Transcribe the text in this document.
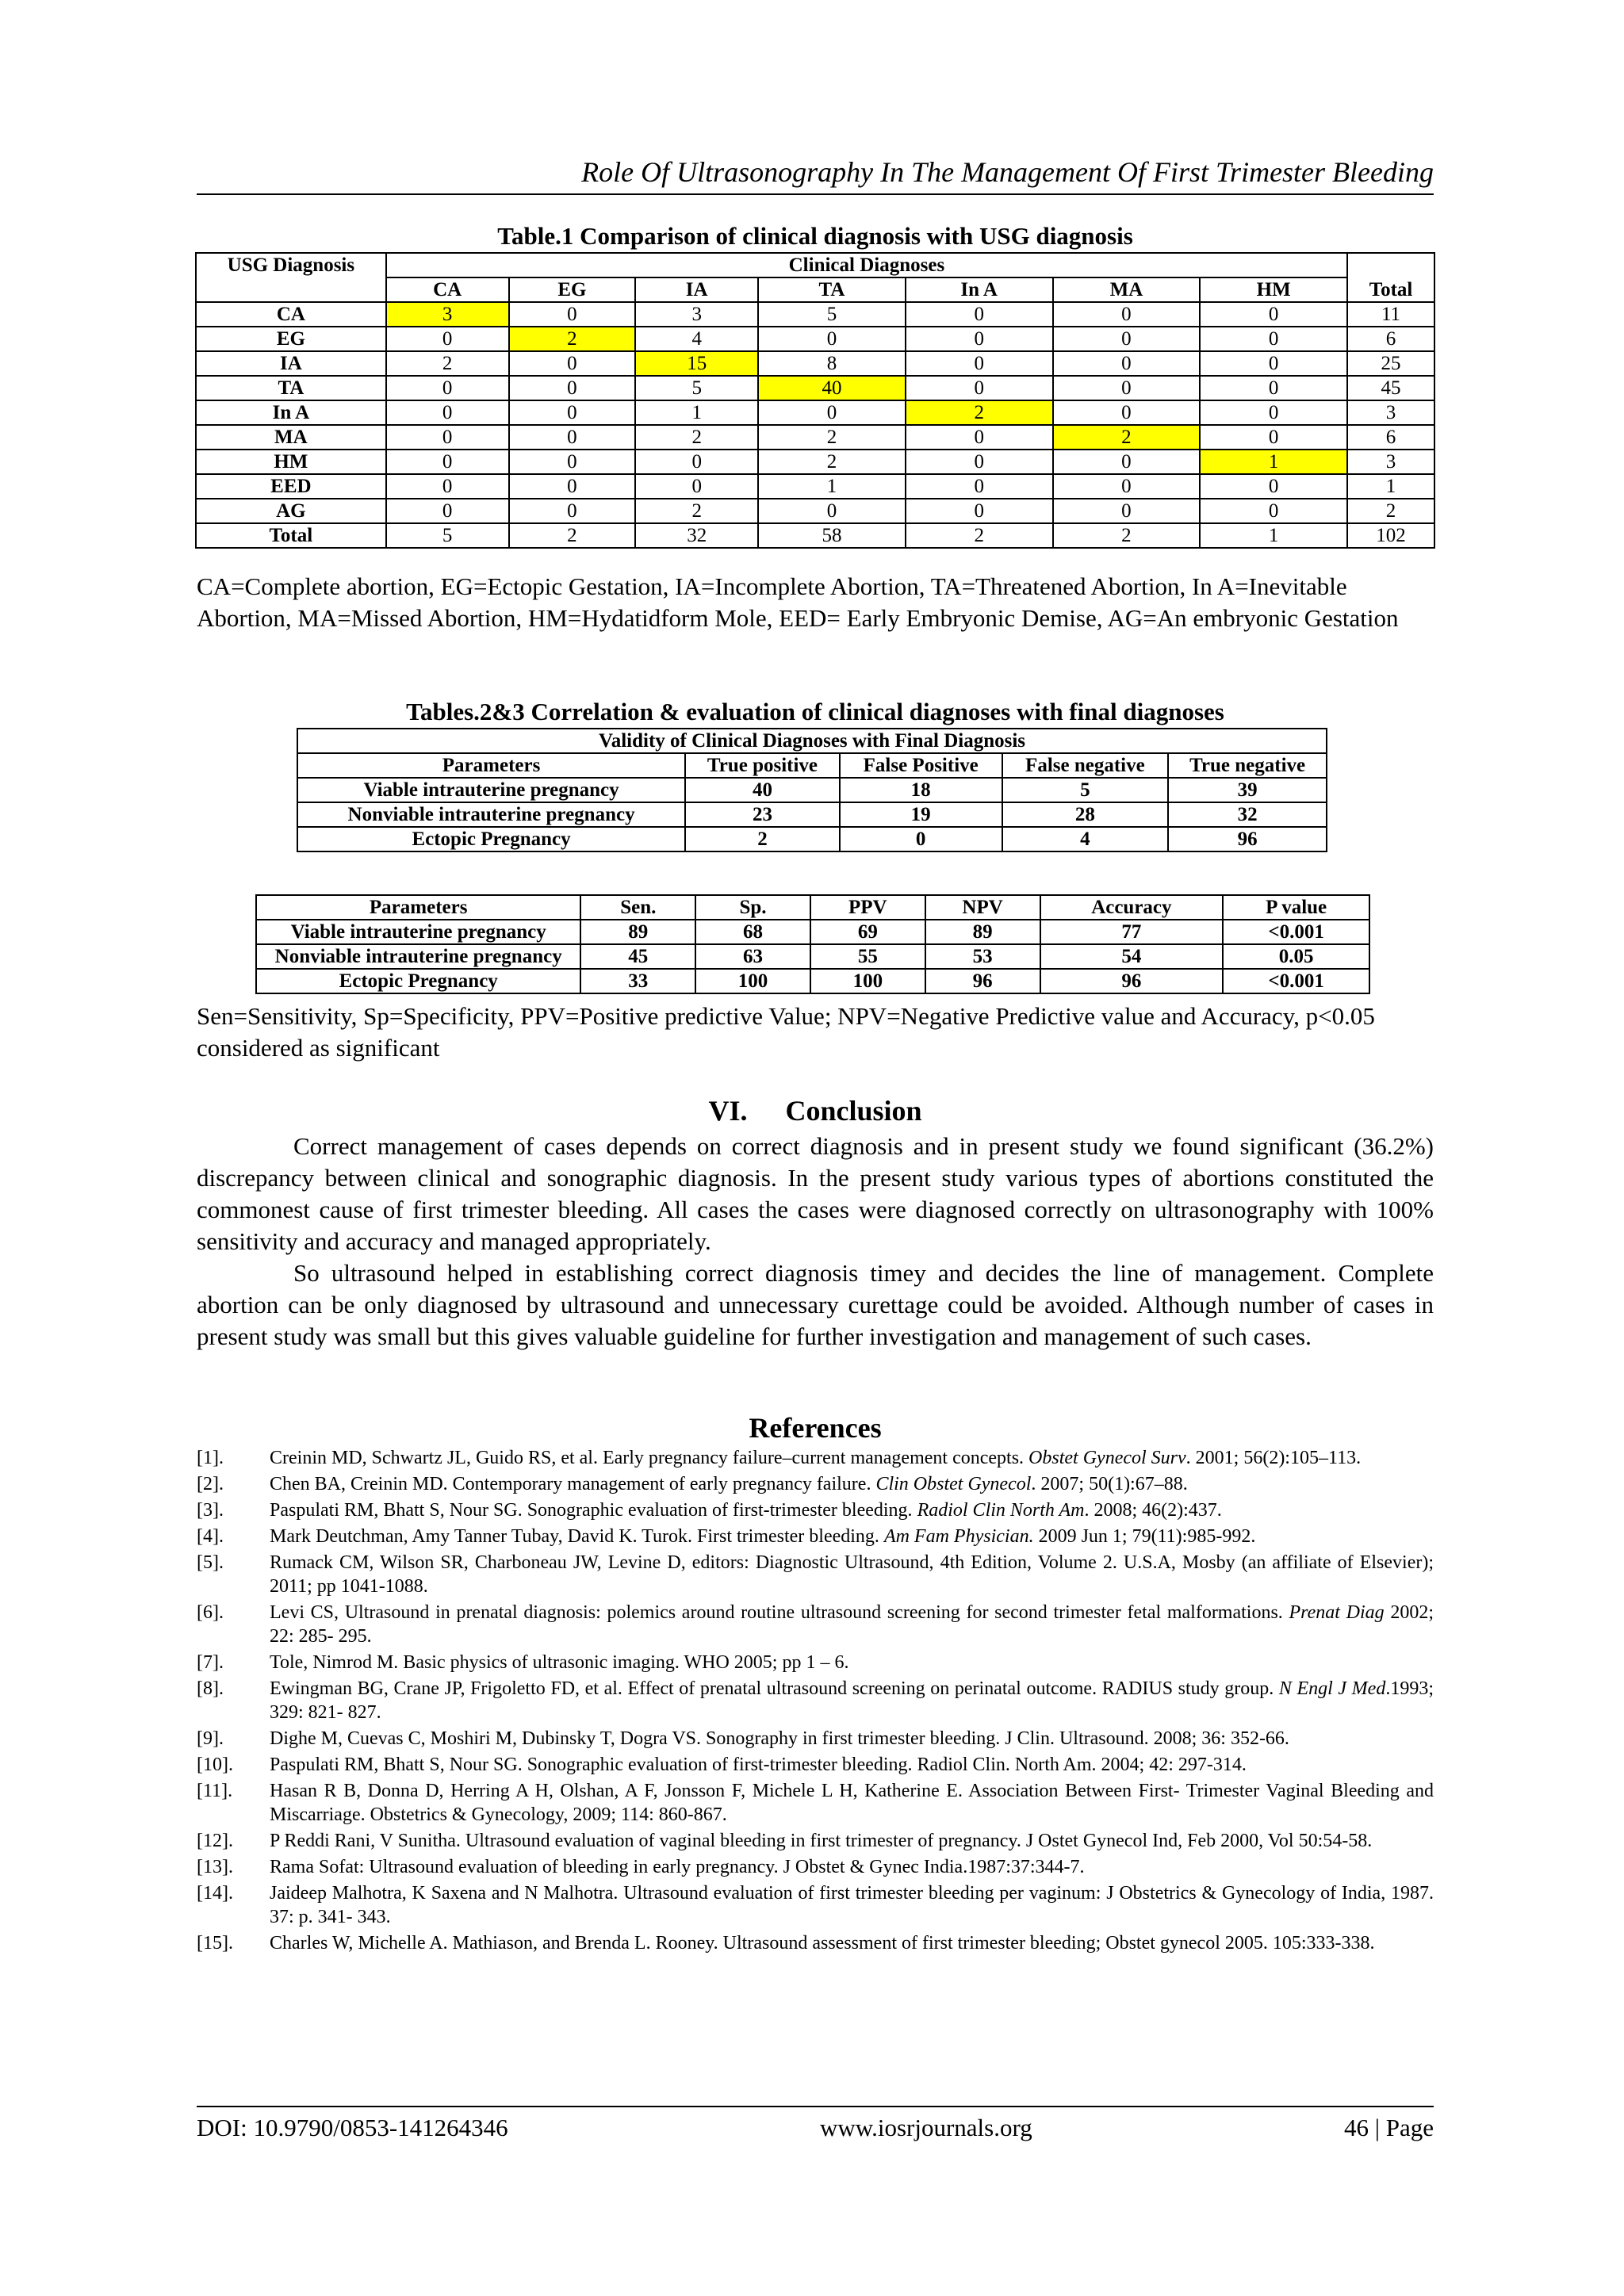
Role Of Ultrasonography In The Management Of First Trimester Bleeding
Table.1 Comparison of clinical diagnosis with USG diagnosis
USG Diagnosis	Clinical Diagnoses							Total
	CA	EG	IA	TA	In A	MA	HM	
CA	3	0	3	5	0	0	0	11
EG	0	2	4	0	0	0	0	6
IA	2	0	15	8	0	0	0	25
TA	0	0	5	40	0	0	0	45
In A	0	0	1	0	2	0	0	3
MA	0	0	2	2	0	2	0	6
HM	0	0	0	2	0	0	1	3
EED	0	0	0	1	0	0	0	1
AG	0	0	2	0	0	0	0	2
Total	5	2	32	58	2	2	1	102
CA=Complete abortion, EG=Ectopic Gestation, IA=Incomplete Abortion, TA=Threatened Abortion, In A=Inevitable Abortion, MA=Missed Abortion, HM=Hydatidform Mole, EED= Early Embryonic Demise, AG=An embryonic Gestation
Tables.2&3 Correlation & evaluation of clinical diagnoses with final diagnoses
Validity of Clinical Diagnoses with Final Diagnosis				
Parameters	True positive	False Positive	False negative	True negative
Viable intrauterine pregnancy	40	18	5	39
Nonviable intrauterine pregnancy	23	19	28	32
Ectopic Pregnancy	2	0	4	96
Parameters	Sen.	Sp.	PPV	NPV	Accuracy	P value
Viable intrauterine pregnancy	89	68	69	89	77	<0.001
Nonviable intrauterine pregnancy	45	63	55	53	54	0.05
Ectopic Pregnancy	33	100	100	96	96	<0.001
Sen=Sensitivity, Sp=Specificity, PPV=Positive predictive Value; NPV=Negative Predictive value and Accuracy, p<0.05 considered as significant
VI. Conclusion

Correct management of cases depends on correct diagnosis and in present study we found significant (36.2%) discrepancy between clinical and sonographic diagnosis. In the present study various types of abortions constituted the commonest cause of first trimester bleeding. All cases the cases were diagnosed correctly on ultrasonography with 100% sensitivity and accuracy and managed appropriately.

So ultrasound helped in establishing correct diagnosis timey and decides the line of management. Complete abortion can be only diagnosed by ultrasound and unnecessary curettage could be avoided. Although number of cases in present study was small but this gives valuable guideline for further investigation and management of such cases.

References
[1].	Creinin MD, Schwartz JL, Guido RS, et al. Early pregnancy failure–current management concepts. Obstet Gynecol Surv. 2001; 56(2):105–113.
[2].	Chen BA, Creinin MD. Contemporary management of early pregnancy failure. Clin Obstet Gynecol. 2007; 50(1):67–88.
[3].	Paspulati RM, Bhatt S, Nour SG. Sonographic evaluation of first-trimester bleeding. Radiol Clin North Am. 2008; 46(2):437.
[4].	Mark Deutchman, Amy Tanner Tubay, David K. Turok. First trimester bleeding. Am Fam Physician. 2009 Jun 1; 79(11):985-992.
[5].	Rumack CM, Wilson SR, Charboneau JW, Levine D, editors: Diagnostic Ultrasound, 4th Edition, Volume 2. U.S.A, Mosby (an affiliate of Elsevier); 2011; pp 1041-1088.
[6].	Levi CS, Ultrasound in prenatal diagnosis: polemics around routine ultrasound screening for second trimester fetal malformations. Prenat Diag 2002; 22: 285- 295.
[7].	Tole, Nimrod M. Basic physics of ultrasonic imaging. WHO 2005; pp 1 – 6.
[8].	Ewingman BG, Crane JP, Frigoletto FD, et al. Effect of prenatal ultrasound screening on perinatal outcome. RADIUS study group. N Engl J Med.1993; 329: 821- 827.
[9].	Dighe M, Cuevas C, Moshiri M, Dubinsky T, Dogra VS. Sonography in first trimester bleeding. J Clin. Ultrasound. 2008; 36: 352-66.
[10].	Paspulati RM, Bhatt S, Nour SG. Sonographic evaluation of first-trimester bleeding. Radiol Clin. North Am. 2004; 42: 297-314.
[11].	Hasan R B, Donna D, Herring A H, Olshan, A F, Jonsson F, Michele L H, Katherine E. Association Between First- Trimester Vaginal Bleeding and Miscarriage. Obstetrics & Gynecology, 2009; 114: 860-867.
[12].	P Reddi Rani, V Sunitha. Ultrasound evaluation of vaginal bleeding in first trimester of pregnancy. J Ostet Gynecol Ind, Feb 2000, Vol 50:54-58.
[13].	Rama Sofat: Ultrasound evaluation of bleeding in early pregnancy. J Obstet & Gynec India.1987:37:344-7.
[14].	Jaideep Malhotra, K Saxena and N Malhotra. Ultrasound evaluation of first trimester bleeding per vaginum: J Obstetrics & Gynecology of India, 1987. 37: p. 341- 343.
[15].	Charles W, Michelle A. Mathiason, and Brenda L. Rooney. Ultrasound assessment of first trimester bleeding; Obstet gynecol 2005. 105:333-338.
DOI: 10.9790/0853-141264346	www.iosrjournals.org	46 | Page
